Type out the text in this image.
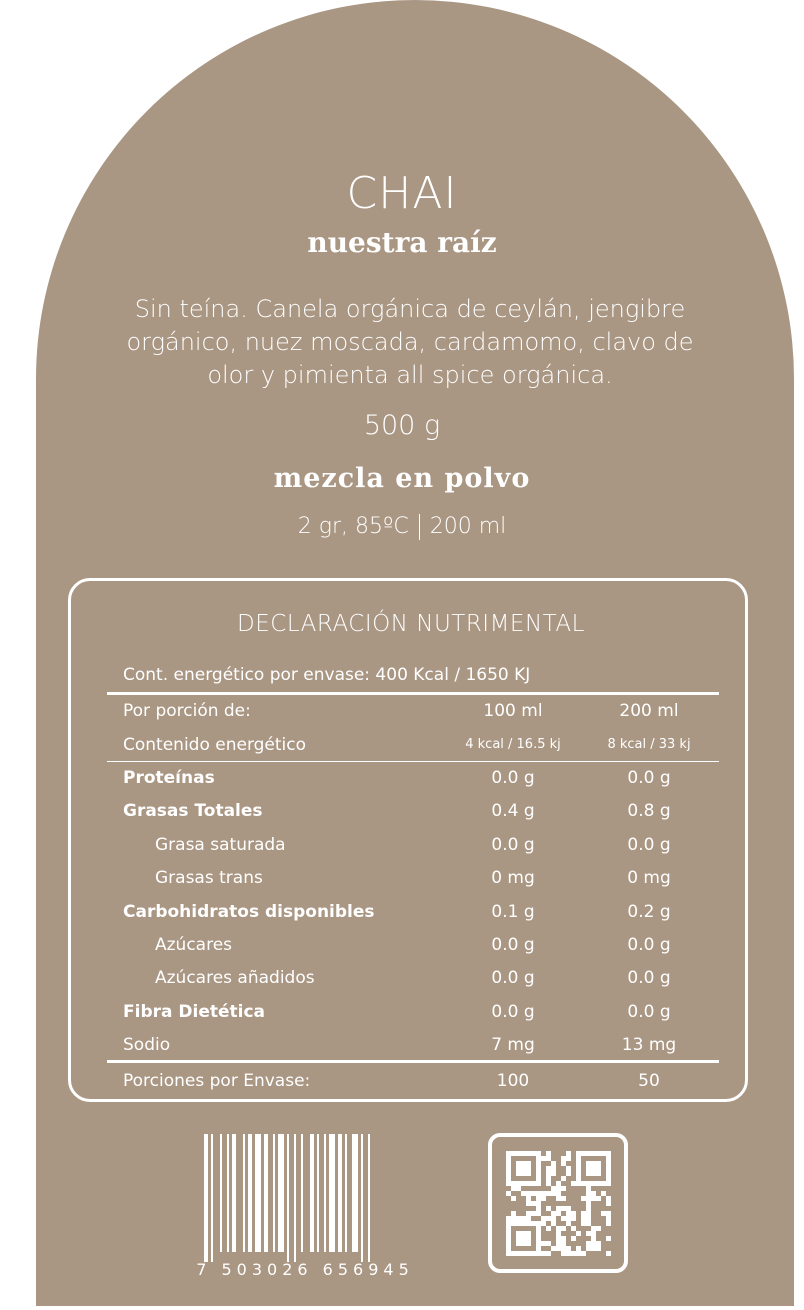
CHAI
nuestra raíz
Sin teína. Canela orgánica de ceylán, jengibre orgánico, nuez moscada, cardamomo, clavo de olor y pimienta all spice orgánica.
500 g
mezcla en polvo
2 gr, 85ºC 200 ml
DECLARACIÓN NUTRIMENTAL
Cont. energético por envase: 400 Kcal / 1650 KJ
Por porción de:	100 ml	200 ml
Contenido energético	4 kcal / 16.5 kj	8 kcal / 33 kj
Proteínas	0.0 g	0.0 g
Grasas Totales	0.4 g	0.8 g
Grasa saturada	0.0 g	0.0 g
Grasas trans	0 mg	0 mg
Carbohidratos disponibles	0.1 g	0.2 g
Azúcares	0.0 g	0.0 g
Azúcares añadidos	0.0 g	0.0 g
Fibra Dietética	0.0 g	0.0 g
Sodio	7 mg	13 mg
Porciones por Envase:	100	50
7 503026 656945
